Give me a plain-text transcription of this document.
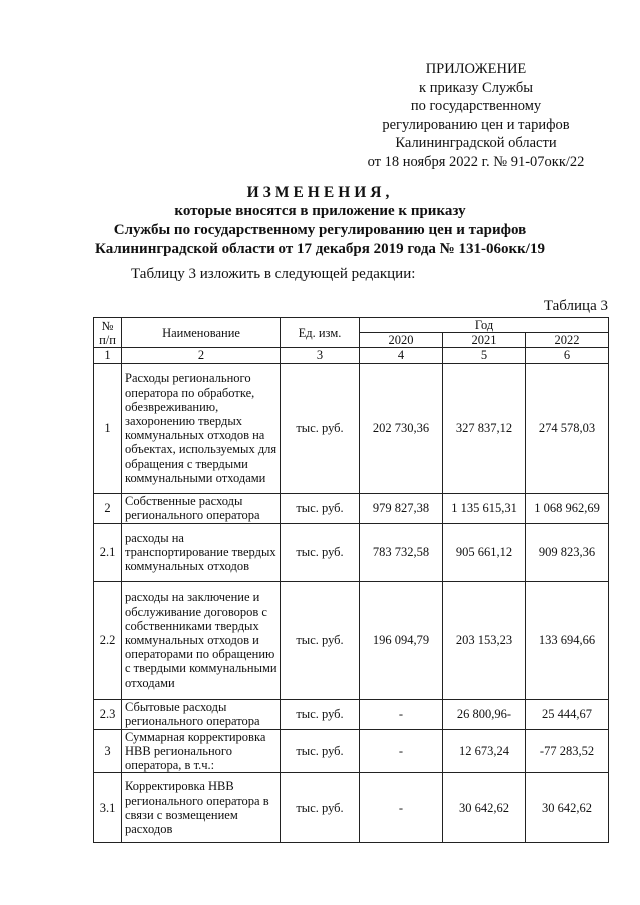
ПРИЛОЖЕНИЕ
к приказу Службы
по государственному
регулированию цен и тарифов
Калининградской области
от 18 ноября 2022 г. № 91-07окк/22
ИЗМЕНЕНИЯ,
которые вносятся в приложение к приказу
Службы по государственному регулированию цен и тарифов
Калининградской области от 17 декабря 2019 года № 131-06окк/19
Таблицу 3 изложить в следующей редакции:
Таблица 3
№ п/п	Наименование	Ед. изм.	Год		
			2020	2021	2022
1	2	3	4	5	6
1	Расходы регионального оператора по обработке, обезвреживанию, захоронению твердых коммунальных отходов на объектах, используемых для обращения с твердыми коммунальными отходами	тыс. руб.	202 730,36	327 837,12	274 578,03
2	Собственные расходы регионального оператора	тыс. руб.	979 827,38	1 135 615,31	1 068 962,69
2.1	расходы на транспортирование твердых коммунальных отходов	тыс. руб.	783 732,58	905 661,12	909 823,36
2.2	расходы на заключение и обслуживание договоров с собственниками твердых коммунальных отходов и операторами по обращению с твердыми коммунальными отходами	тыс. руб.	196 094,79	203 153,23	133 694,66
2.3	Сбытовые расходы регионального оператора	тыс. руб.	-	26 800,96-	25 444,67
3	Суммарная корректировка НВВ регионального оператора, в т.ч.:	тыс. руб.	-	12 673,24	-77 283,52
3.1	Корректировка НВВ регионального оператора в связи с возмещением расходов	тыс. руб.	-	30 642,62	30 642,62
